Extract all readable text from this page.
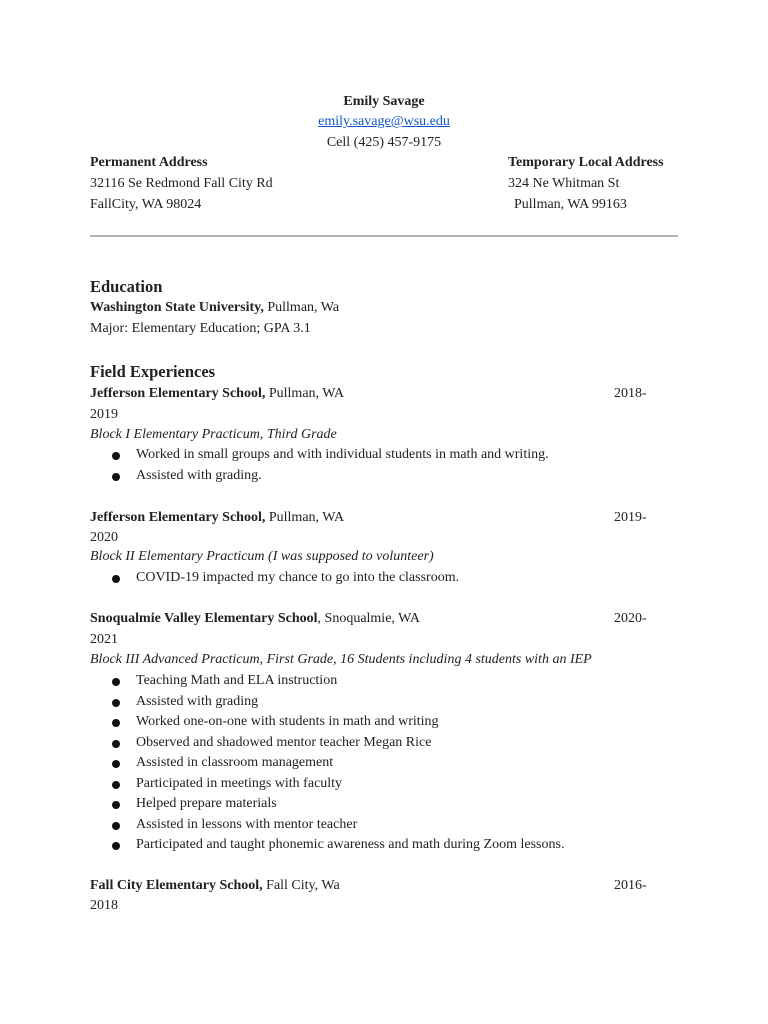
Emily Savage
emily.savage@wsu.edu
Cell (425) 457-9175
Permanent Address
32116 Se Redmond Fall City Rd
FallCity, WA 98024
Temporary Local Address
324 Ne Whitman St
Pullman, WA 99163
Education
Washington State University, Pullman, Wa
Major: Elementary Education; GPA 3.1
Field Experiences
Jefferson Elementary School, Pullman, WA	2018-
2019
Block I Elementary Practicum, Third Grade
Worked in small groups and with individual students in math and writing.
Assisted with grading.
Jefferson Elementary School, Pullman, WA	2019-
2020
Block II Elementary Practicum (I was supposed to volunteer)
COVID-19 impacted my chance to go into the classroom.
Snoqualmie Valley Elementary School, Snoqualmie, WA	2020-
2021
Block III Advanced Practicum, First Grade, 16 Students including 4 students with an IEP
Teaching Math and ELA instruction
Assisted with grading
Worked one-on-one with students in math and writing
Observed and shadowed mentor teacher Megan Rice
Assisted in classroom management
Participated in meetings with faculty
Helped prepare materials
Assisted in lessons with mentor teacher
Participated and taught phonemic awareness and math during Zoom lessons.
Fall City Elementary School, Fall City, Wa	2016-
2018
